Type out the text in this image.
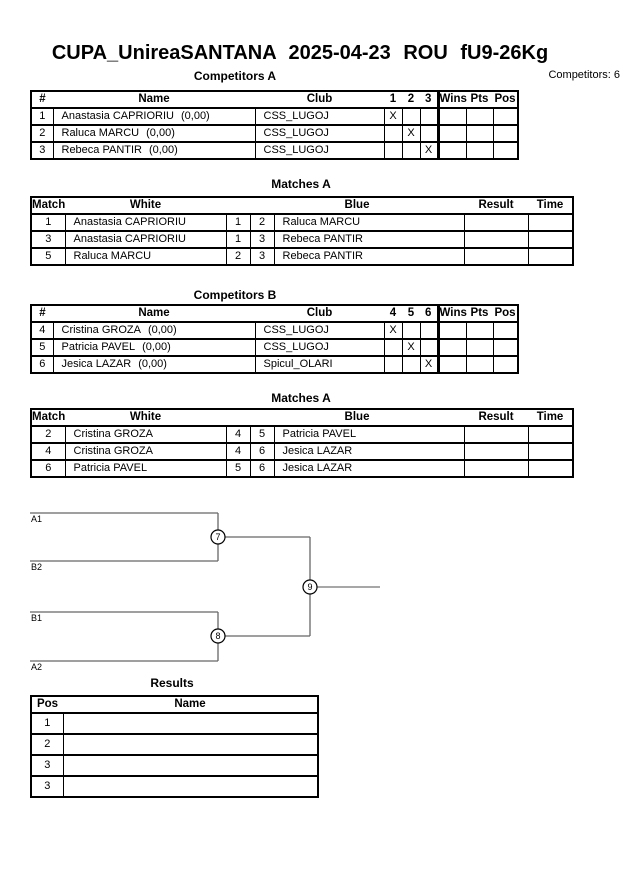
CUPA_UnireaSANTANA 2025-04-23 ROU fU9-26Kg
Competitors A	Competitors: 6
#	Name	Club	1	2	3	Wins	Pts	Pos
1	Anastasia CAPRIORIU (0,00)	CSS_LUGOJ	X					
2	Raluca MARCU (0,00)	CSS_LUGOJ		X				
3	Rebeca PANTIR (0,00)	CSS_LUGOJ			X			
Matches A
Match	White		Blue		Result	Time
1	Anastasia CAPRIORIU	1	2	Raluca MARCU		
3	Anastasia CAPRIORIU	1	3	Rebeca PANTIR		
5	Raluca MARCU	2	3	Rebeca PANTIR		
Competitors B
#	Name	Club	4	5	6	Wins	Pts	Pos
4	Cristina GROZA (0,00)	CSS_LUGOJ	X					
5	Patricia PAVEL (0,00)	CSS_LUGOJ		X				
6	Jesica LAZAR (0,00)	Spicul_OLARI			X			
Matches A
Match	White		Blue		Result	Time
2	Cristina GROZA	4	5	Patricia PAVEL		
4	Cristina GROZA	4	6	Jesica LAZAR		
6	Patricia PAVEL	5	6	Jesica LAZAR		
A1
B2
B1
A2
7
8
9
Results
Pos	Name
1	
2	
3	
3	
